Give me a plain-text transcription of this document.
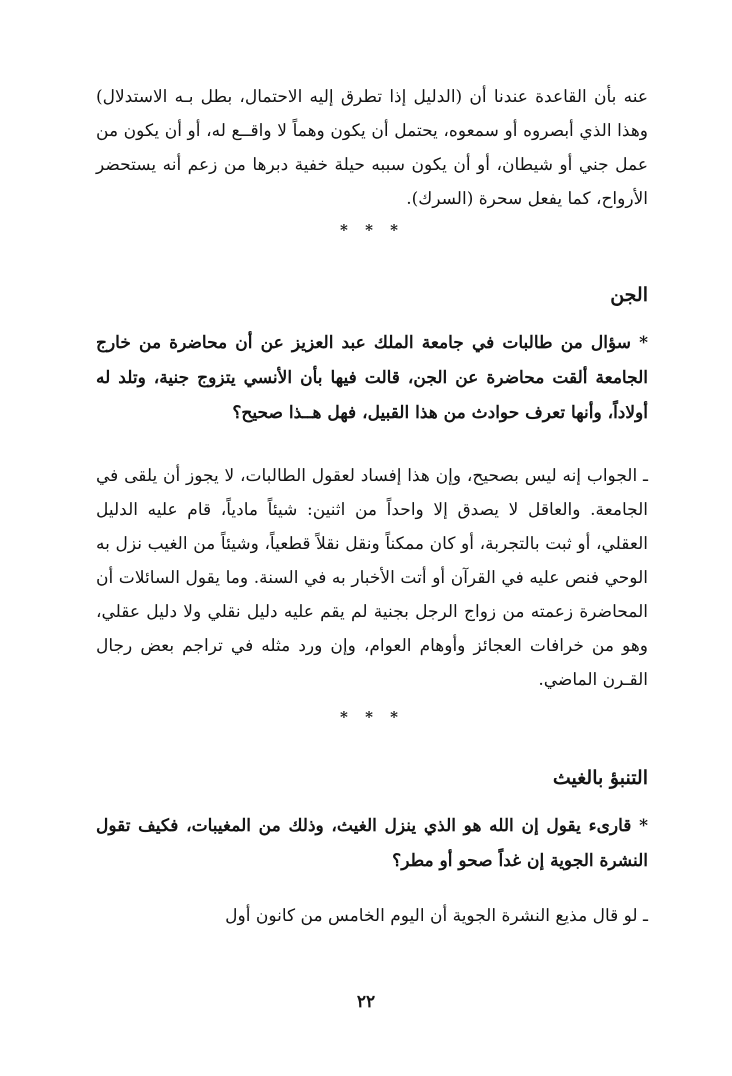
عنه بأن القاعدة عندنا أن (الدليل إذا تطرق إليه الاحتمال، بطل بـه الاستدلال) وهذا الذي أبصروه أو سمعوه، يحتمل أن يكون وهماً لا واقــع له، أو أن يكون من عمل جني أو شيطان، أو أن يكون سببه حيلة خفية دبرها من زعم أنه يستحضر الأرواح، كما يفعل سحرة (السرك).

* * *

الجن

* سؤال من طالبات في جامعة الملك عبد العزيز عن أن محاضرة من خارج الجامعة ألقت محاضرة عن الجن، قالت فيها بأن الأنسي يتزوج جنية، وتلد له أولاداً، وأنها تعرف حوادث من هذا القبيل، فهل هــذا صحيح؟

ـ الجواب إنه ليس بصحيح، وإن هذا إفساد لعقول الطالبات، لا يجوز أن يلقى في الجامعة. والعاقل لا يصدق إلا واحداً من اثنين: شيئاً مادياً، قام عليه الدليل العقلي، أو ثبت بالتجربة، أو كان ممكناً ونقل نقلاً قطعياً، وشيئاً من الغيب نزل به الوحي فنص عليه في القرآن أو أتت الأخبار به في السنة. وما يقول السائلات أن المحاضرة زعمته من زواج الرجل بجنية لم يقم عليه دليل نقلي ولا دليل عقلي، وهو من خرافات العجائز وأوهام العوام، وإن ورد مثله في تراجم بعض رجال القـرن الماضي.

* * *

التنبؤ بالغيث

* قارىء يقول إن الله هو الذي ينزل الغيث، وذلك من المغيبات، فكيف تقول النشرة الجوية إن غداً صحو أو مطر؟

ـ لو قال مذيع النشرة الجوية أن اليوم الخامس من كانون أول

٢٢
